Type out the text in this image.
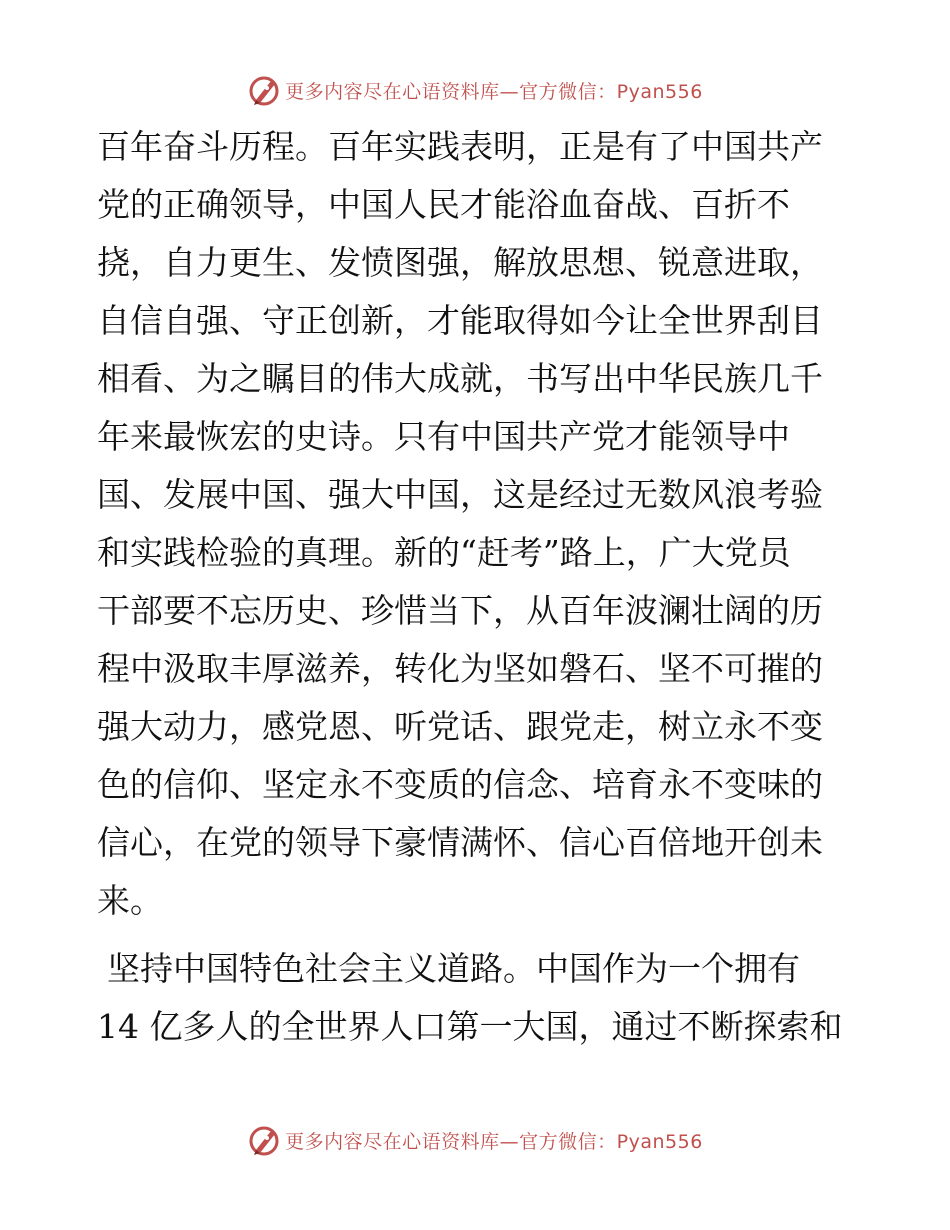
更多内容尽在心语资料库—官方微信：Pyan556
百年奋斗历程。百年实践表明，正是有了中国共产
党的正确领导，中国人民才能浴血奋战、百折不
挠，自力更生、发愤图强，解放思想、锐意进取，
自信自强、守正创新，才能取得如今让全世界刮目
相看、为之瞩目的伟大成就，书写出中华民族几千
年来最恢宏的史诗。只有中国共产党才能领导中
国、发展中国、强大中国，这是经过无数风浪考验
和实践检验的真理。新的“赶考”路上，广大党员
干部要不忘历史、珍惜当下，从百年波澜壮阔的历
程中汲取丰厚滋养，转化为坚如磐石、坚不可摧的
强大动力，感党恩、听党话、跟党走，树立永不变
色的信仰、坚定永不变质的信念、培育永不变味的
信心，在党的领导下豪情满怀、信心百倍地开创未
来。
坚持中国特色社会主义道路。中国作为一个拥有
14 亿多人的全世界人口第一大国，通过不断探索和
更多内容尽在心语资料库—官方微信：Pyan556
